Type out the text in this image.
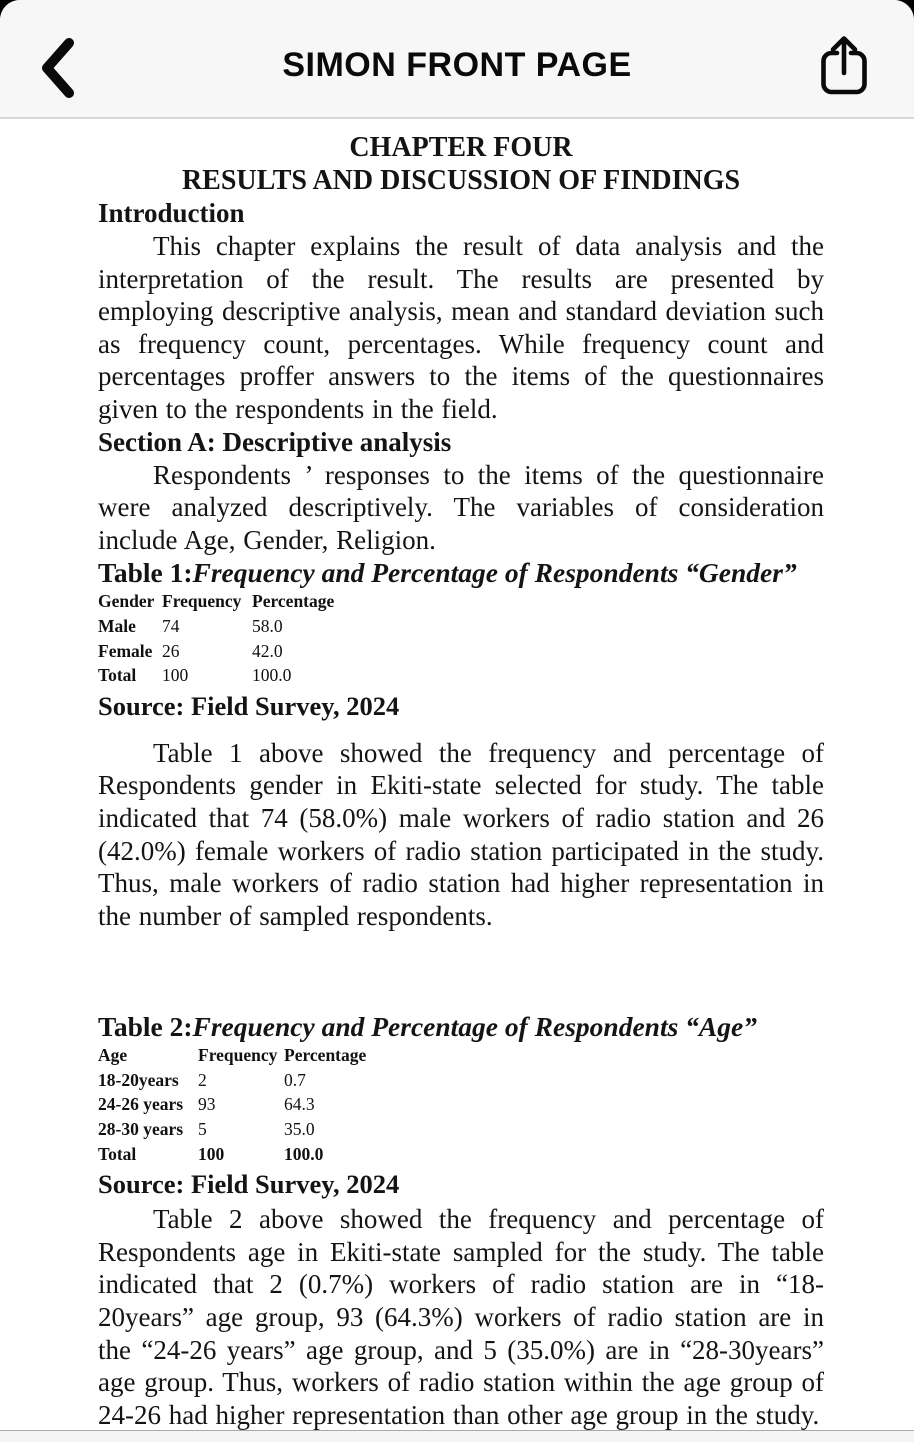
SIMON FRONT PAGE
CHAPTER FOUR
RESULTS AND DISCUSSION OF FINDINGS
Introduction

This chapter explains the result of data analysis and the interpretation of the result. The results are presented by employing descriptive analysis, mean and standard deviation such as frequency count, percentages. While frequency count and percentages proffer answers to the items of the questionnaires given to the respondents in the field.

Section A: Descriptive analysis

Respondents ’ responses to the items of the questionnaire were analyzed descriptively. The variables of consideration include Age, Gender, Religion.

Table 1:Frequency and Percentage of Respondents “Gender”
Gender Frequency Percentage
Male	74	58.0
Female 26	42.0
Total	100	100.0
Source: Field Survey, 2024

Table 1 above showed the frequency and percentage of Respondents gender in Ekiti-state selected for study. The table indicated that 74 (58.0%) male workers of radio station and 26 (42.0%) female workers of radio station participated in the study. Thus, male workers of radio station had higher representation in the number of sampled respondents.

Table 2:Frequency and Percentage of Respondents “Age”
Age	Frequency Percentage
18-20years	2	0.7
24-26 years 93	64.3
28-30 years 5	35.0
Total	100	100.0
Source: Field Survey, 2024

Table 2 above showed the frequency and percentage of Respondents age in Ekiti-state sampled for the study. The table indicated that 2 (0.7%) workers of radio station are in “18-20years” age group, 93 (64.3%) workers of radio station are in the “24-26 years” age group, and 5 (35.0%) are in “28-30years” age group. Thus, workers of radio station within the age group of 24-26 had higher representation than other age group in the study.
